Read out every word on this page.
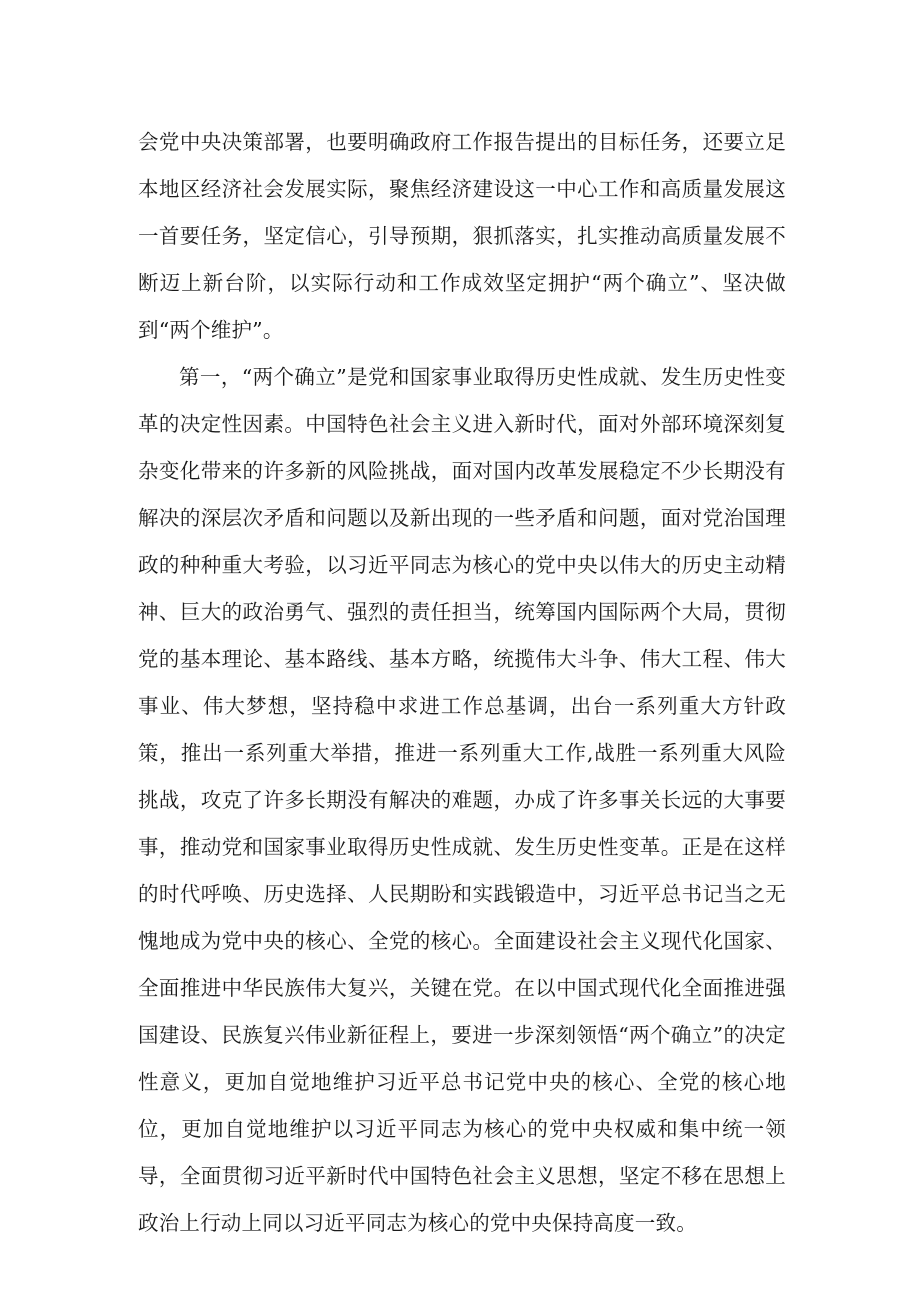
会党中央决策部署，也要明确政府工作报告提出的目标任务，还要立足本地区经济社会发展实际，聚焦经济建设这一中心工作和高质量发展这一首要任务，坚定信心，引导预期，狠抓落实，扎实推动高质量发展不断迈上新台阶，以实际行动和工作成效坚定拥护“两个确立”、坚决做到“两个维护”。

第一，“两个确立”是党和国家事业取得历史性成就、发生历史性变革的决定性因素。中国特色社会主义进入新时代，面对外部环境深刻复杂变化带来的许多新的风险挑战，面对国内改革发展稳定不少长期没有解决的深层次矛盾和问题以及新出现的一些矛盾和问题，面对党治国理政的种种重大考验，以习近平同志为核心的党中央以伟大的历史主动精神、巨大的政治勇气、强烈的责任担当，统筹国内国际两个大局，贯彻党的基本理论、基本路线、基本方略，统揽伟大斗争、伟大工程、伟大事业、伟大梦想，坚持稳中求进工作总基调，出台一系列重大方针政策，推出一系列重大举措，推进一系列重大工作,战胜一系列重大风险挑战，攻克了许多长期没有解决的难题，办成了许多事关长远的大事要事，推动党和国家事业取得历史性成就、发生历史性变革。正是在这样的时代呼唤、历史选择、人民期盼和实践锻造中，习近平总书记当之无愧地成为党中央的核心、全党的核心。全面建设社会主义现代化国家、全面推进中华民族伟大复兴，关键在党。在以中国式现代化全面推进强国建设、民族复兴伟业新征程上，要进一步深刻领悟“两个确立”的决定性意义，更加自觉地维护习近平总书记党中央的核心、全党的核心地位，更加自觉地维护以习近平同志为核心的党中央权威和集中统一领导，全面贯彻习近平新时代中国特色社会主义思想，坚定不移在思想上政治上行动上同以习近平同志为核心的党中央保持高度一致。
